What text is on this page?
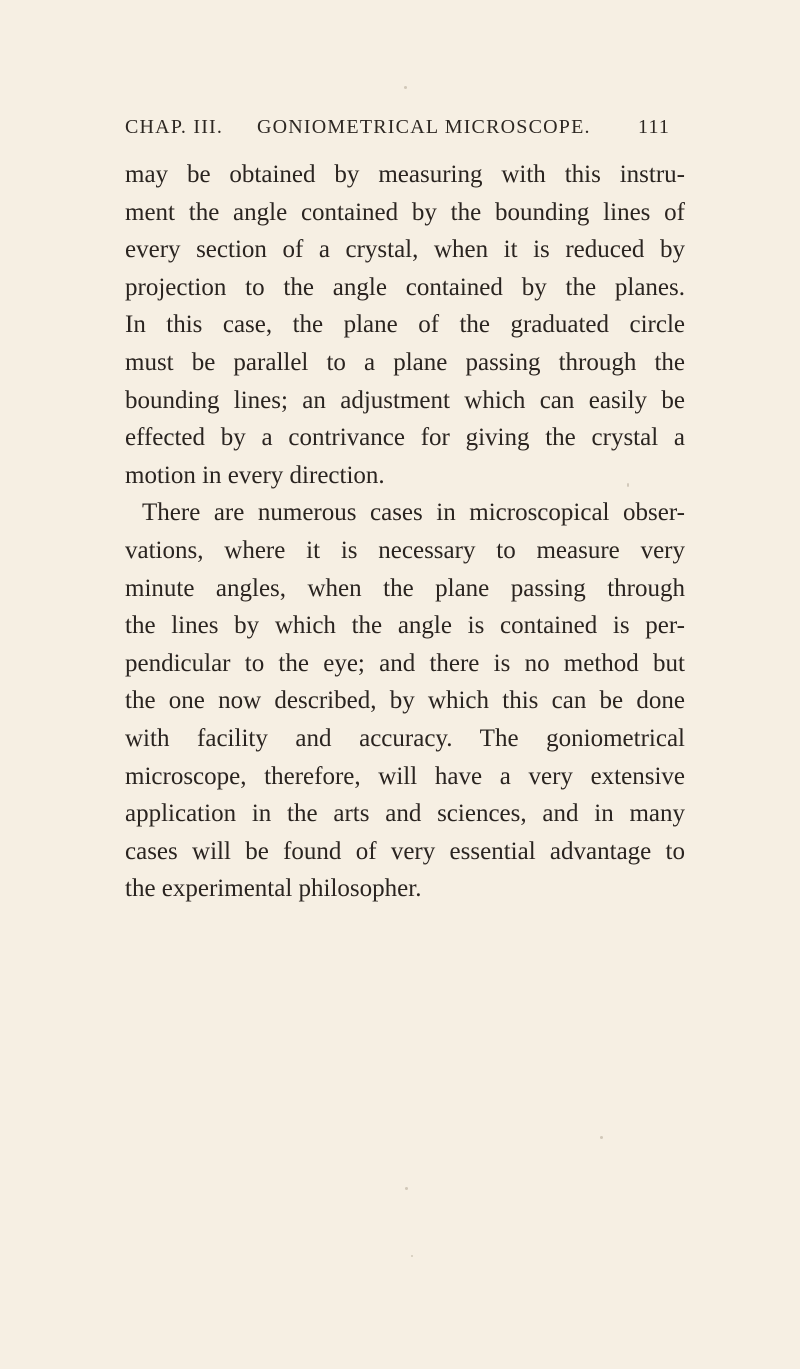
CHAP. III. GONIOMETRICAL MICROSCOPE. 111

may be obtained by measuring with this instru-
ment the angle contained by the bounding lines of
every section of a crystal, when it is reduced by
projection to the angle contained by the planes.
In this case, the plane of the graduated circle
must be parallel to a plane passing through the
bounding lines; an adjustment which can easily be
effected by a contrivance for giving the crystal a
motion in every direction.

There are numerous cases in microscopical obser-
vations, where it is necessary to measure very
minute angles, when the plane passing through
the lines by which the angle is contained is per-
pendicular to the eye; and there is no method but
the one now described, by which this can be done
with facility and accuracy. The goniometrical
microscope, therefore, will have a very extensive
application in the arts and sciences, and in many
cases will be found of very essential advantage to
the experimental philosopher.
